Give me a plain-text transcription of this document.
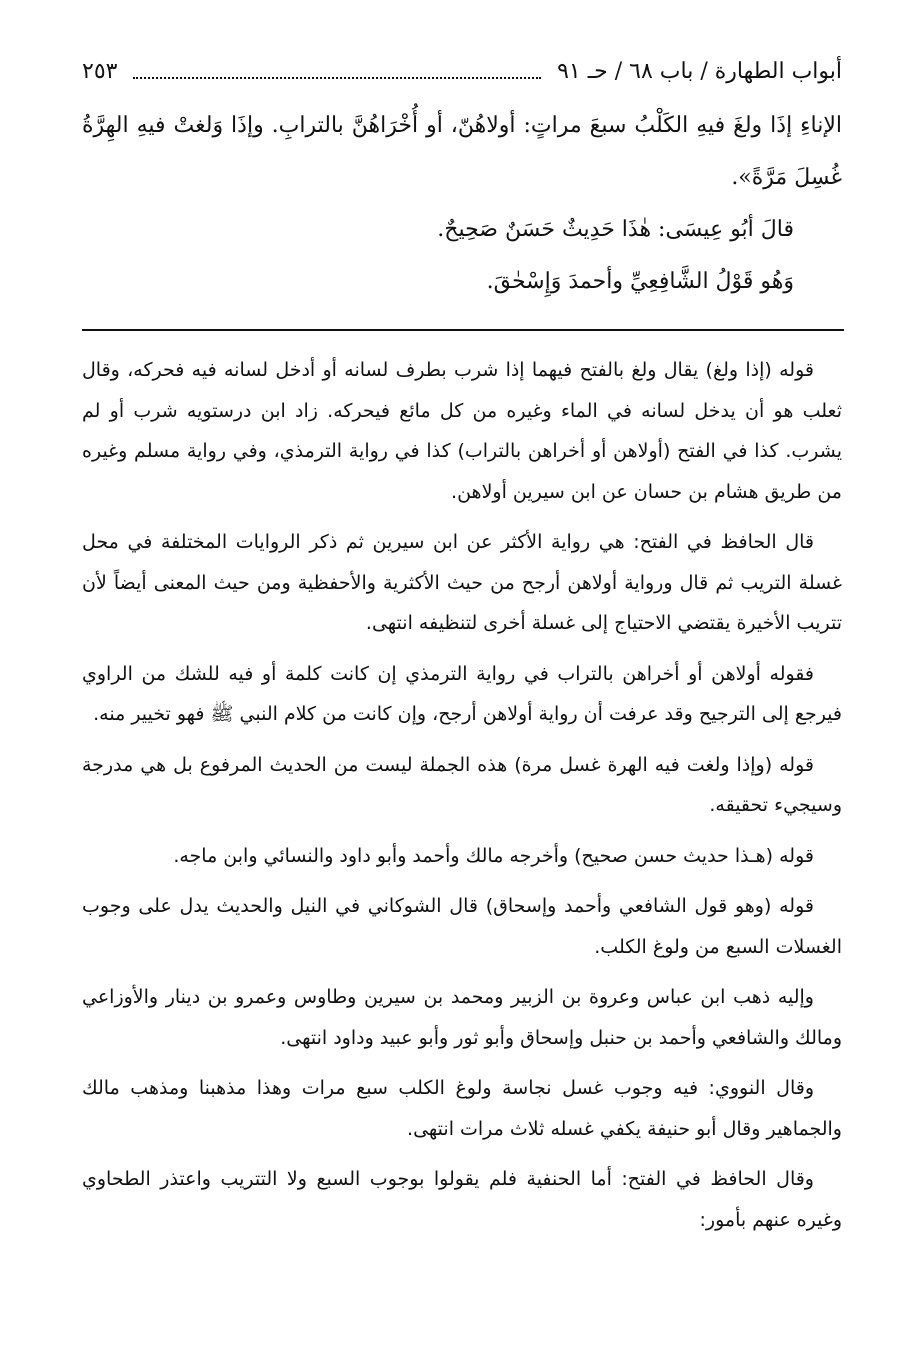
أبواب الطهارة / باب ٦٨ / حـ ٩١
٢٥٣

الإناءِ إذَا ولغَ فيهِ الكَلْبُ سبعَ مراتٍ: أولاهُنّ، أو أُخْرَاهُنَّ بالترابِ. وإذَا وَلغتْ فيهِ الهِرَّةُ غُسِلَ مَرَّةً».

قالَ أبُو عِيسَى: هٰذَا حَدِيثٌ حَسَنٌ صَحِيحٌ.

وَهُو قَوْلُ الشَّافِعِيِّ وأحمدَ وَإِسْحٰقَ.

قوله (إذا ولغ) يقال ولغ بالفتح فيهما إذا شرب بطرف لسانه أو أدخل لسانه فيه فحركه، وقال ثعلب هو أن يدخل لسانه في الماء وغيره من كل مائع فيحركه. زاد ابن درستويه شرب أو لم يشرب. كذا في الفتح (أولاهن أو أخراهن بالتراب) كذا في رواية الترمذي، وفي رواية مسلم وغيره من طريق هشام بن حسان عن ابن سيرين أولاهن.

قال الحافظ في الفتح: هي رواية الأكثر عن ابن سيرين ثم ذكر الروايات المختلفة في محل غسلة التريب ثم قال ورواية أولاهن أرجح من حيث الأكثرية والأحفظية ومن حيث المعنى أيضاً لأن تتريب الأخيرة يقتضي الاحتياج إلى غسلة أخرى لتنظيفه انتهى.

فقوله أولاهن أو أخراهن بالتراب في رواية الترمذي إن كانت كلمة أو فيه للشك من الراوي فيرجع إلى الترجيح وقد عرفت أن رواية أولاهن أرجح، وإن كانت من كلام النبي ﷺ فهو تخيير منه.

قوله (وإذا ولغت فيه الهرة غسل مرة) هذه الجملة ليست من الحديث المرفوع بل هي مدرجة وسيجيء تحقيقه.

قوله (هـذا حديث حسن صحيح) وأخرجه مالك وأحمد وأبو داود والنسائي وابن ماجه.

قوله (وهو قول الشافعي وأحمد وإسحاق) قال الشوكاني في النيل والحديث يدل على وجوب الغسلات السبع من ولوغ الكلب.

وإليه ذهب ابن عباس وعروة بن الزبير ومحمد بن سيرين وطاوس وعمرو بن دينار والأوزاعي ومالك والشافعي وأحمد بن حنبل وإسحاق وأبو ثور وأبو عبيد وداود انتهى.

وقال النووي: فيه وجوب غسل نجاسة ولوغ الكلب سبع مرات وهذا مذهبنا ومذهب مالك والجماهير وقال أبو حنيفة يكفي غسله ثلاث مرات انتهى.

وقال الحافظ في الفتح: أما الحنفية فلم يقولوا بوجوب السبع ولا التتريب واعتذر الطحاوي وغيره عنهم بأمور:
